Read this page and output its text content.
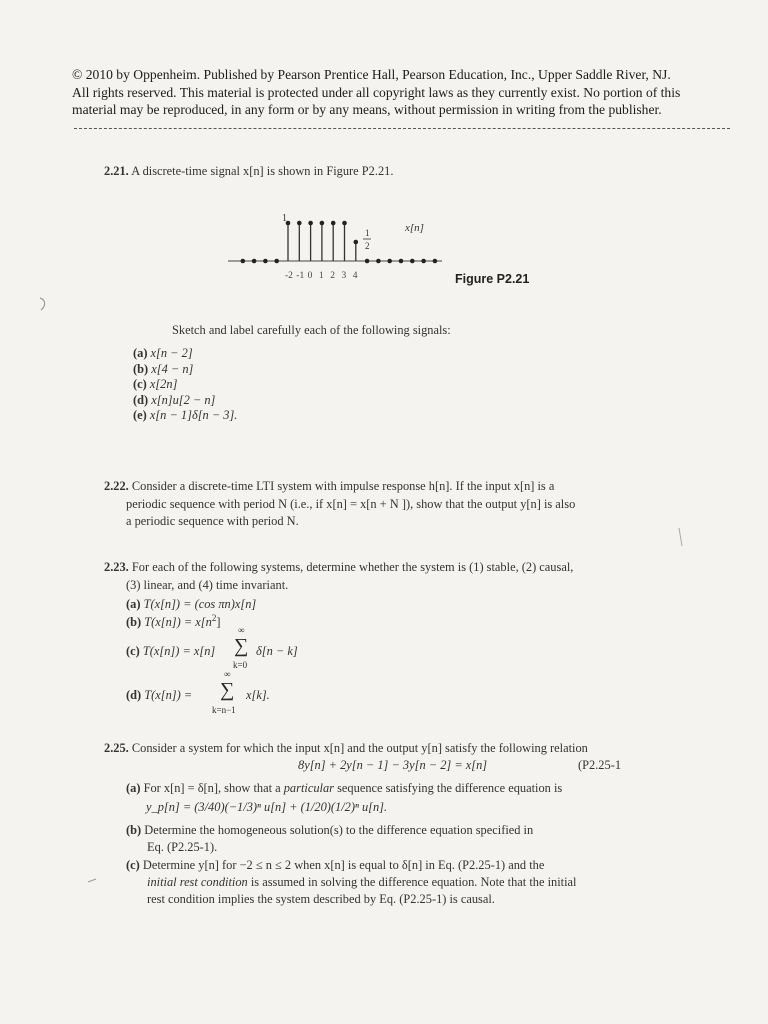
© 2010 by Oppenheim. Published by Pearson Prentice Hall, Pearson Education, Inc., Upper Saddle River, NJ.
All rights reserved. This material is protected under all copyright laws as they currently exist. No portion of this
material may be reproduced, in any form or by any means, without permission in writing from the publisher.
2.21. A discrete-time signal x[n] is shown in Figure P2.21.
-2 -1 0 1 2 3 4
1
1
2
x[n]
Figure P2.21
Sketch and label carefully each of the following signals:
(a) x[n − 2]
(b) x[4 − n]
(c) x[2n]
(d) x[n]u[2 − n]
(e) x[n − 1]δ[n − 3].
2.22. Consider a discrete-time LTI system with impulse response h[n]. If the input x[n] is a
periodic sequence with period N (i.e., if x[n] = x[n + N ]), show that the output y[n] is also
a periodic sequence with period N.
2.23. For each of the following systems, determine whether the system is (1) stable, (2) causal,
(3) linear, and (4) time invariant.
(a) T(x[n]) = (cos πn)x[n]
(b) $T(x[n]) = x[n^2]$
(c) T(x[n]) = x[n]
∞
∑
k=0
δ[n − k]
(d) T(x[n]) =
∞
∑
k=n−1
x[k].
2.25. Consider a system for which the input x[n] and the output y[n] satisfy the following relation
8y[n] + 2y[n − 1] − 3y[n − 2] = x[n]	(P2.25-1
(a) For x[n] = δ[n], show that a particular sequence satisfying the difference equation is
y_p[n] = (3/40)(−1/3)ⁿ u[n] + (1/20)(1/2)ⁿ u[n].
(b) Determine the homogeneous solution(s) to the difference equation specified in
Eq. (P2.25-1).
(c) Determine y[n] for −2 ≤ n ≤ 2 when x[n] is equal to δ[n] in Eq. (P2.25-1) and the
initial rest condition is assumed in solving the difference equation. Note that the initial
rest condition implies the system described by Eq. (P2.25-1) is causal.
